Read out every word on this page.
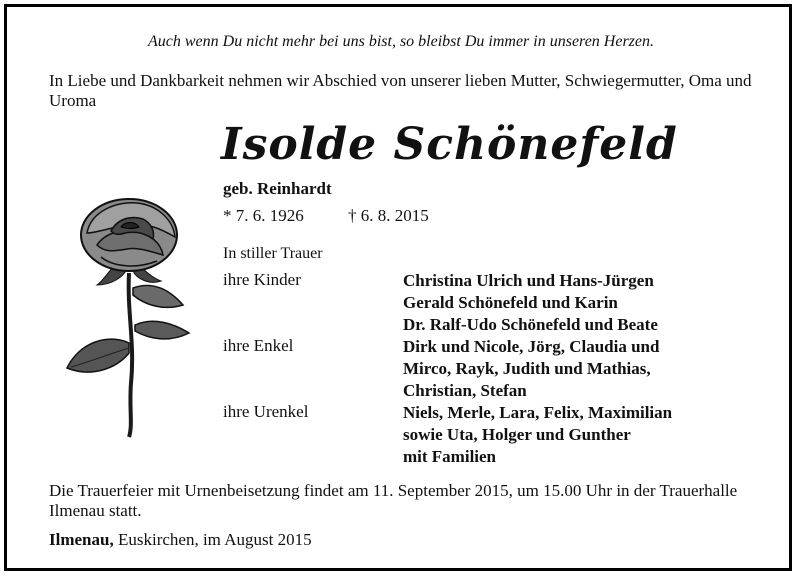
Auch wenn Du nicht mehr bei uns bist, so bleibst Du immer in unseren Herzen.
In Liebe und Dankbarkeit nehmen wir Abschied von unserer lieben Mutter, Schwiegermutter, Oma und Uroma
Isolde Schönefeld
geb. Reinhardt
* 7. 6. 1926	† 6. 8. 2015
In stiller Trauer
ihre Kinder	Christina Ulrich und Hans-Jürgen
Gerald Schönefeld und Karin
Dr. Ralf-Udo Schönefeld und Beate
ihre Enkel	Dirk und Nicole, Jörg, Claudia und
Mirco, Rayk, Judith und Mathias,
Christian, Stefan
ihre Urenkel	Niels, Merle, Lara, Felix, Maximilian
sowie Uta, Holger und Gunther
mit Familien
Die Trauerfeier mit Urnenbeisetzung findet am 11. September 2015, um 15.00 Uhr in der Trauerhalle Ilmenau statt.
Ilmenau, Euskirchen, im August 2015
